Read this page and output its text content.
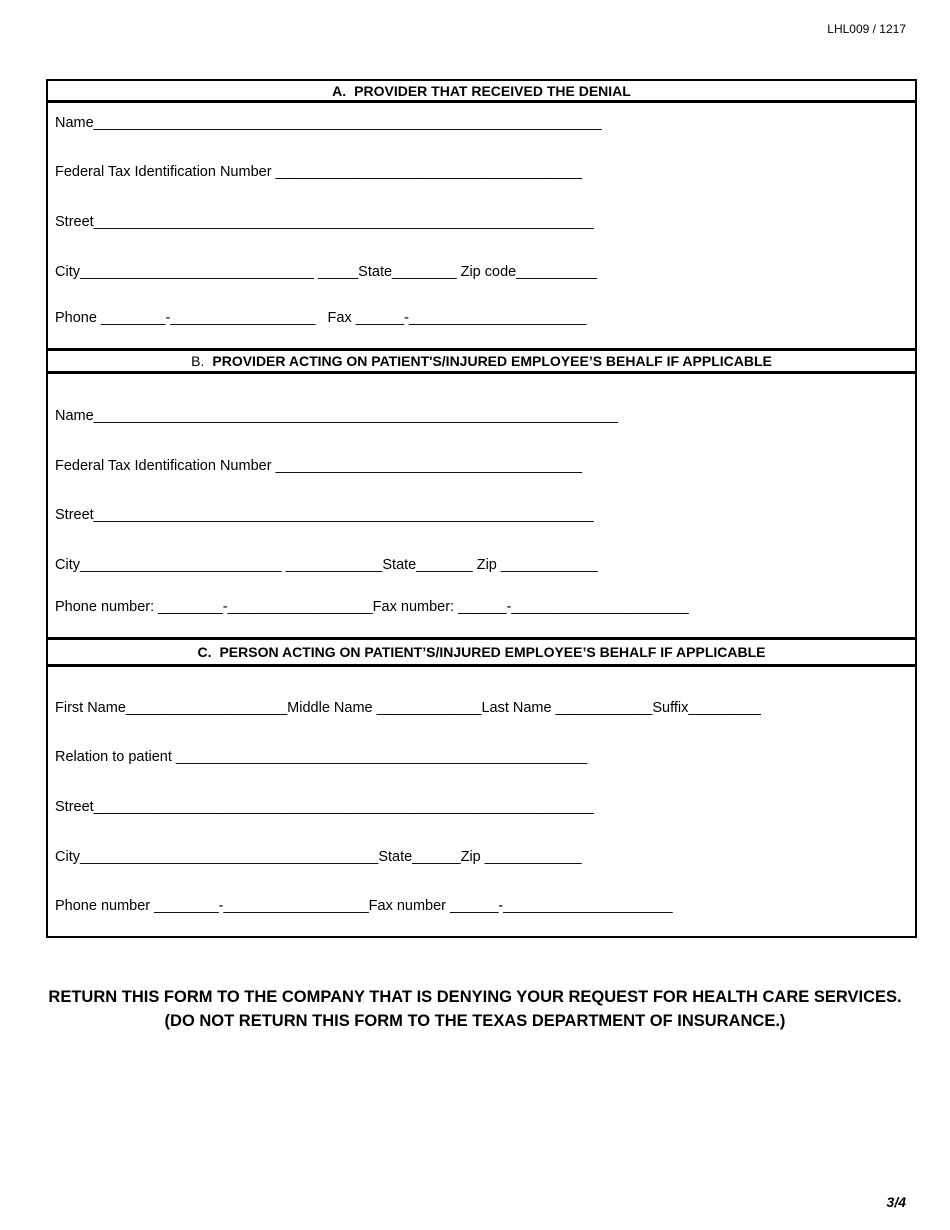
LHL009 / 1217
A. PROVIDER THAT RECEIVED THE DENIAL
Name_______________________________________________________________
Federal Tax Identification Number ______________________________________
Street______________________________________________________________
City_____________________________ _____State________ Zip code__________
Phone ________-__________________   Fax ______-______________________
B. PROVIDER ACTING ON PATIENT'S/INJURED EMPLOYEE’S BEHALF IF APPLICABLE
Name_________________________________________________________________
Federal Tax Identification Number ______________________________________
Street______________________________________________________________
City_________________________ ____________State_______ Zip ____________
Phone number: ________-__________________Fax number: ______-______________________
C. PERSON ACTING ON PATIENT’S/INJURED EMPLOYEE’S BEHALF IF APPLICABLE
First Name____________________Middle Name _____________Last Name ____________Suffix_________
Relation to patient ___________________________________________________
Street______________________________________________________________
City_____________________________________State______Zip ____________
Phone number ________-__________________Fax number ______-_____________________
RETURN THIS FORM TO THE COMPANY THAT IS DENYING YOUR REQUEST FOR HEALTH CARE SERVICES.
(DO NOT RETURN THIS FORM TO THE TEXAS DEPARTMENT OF INSURANCE.)
3/4
